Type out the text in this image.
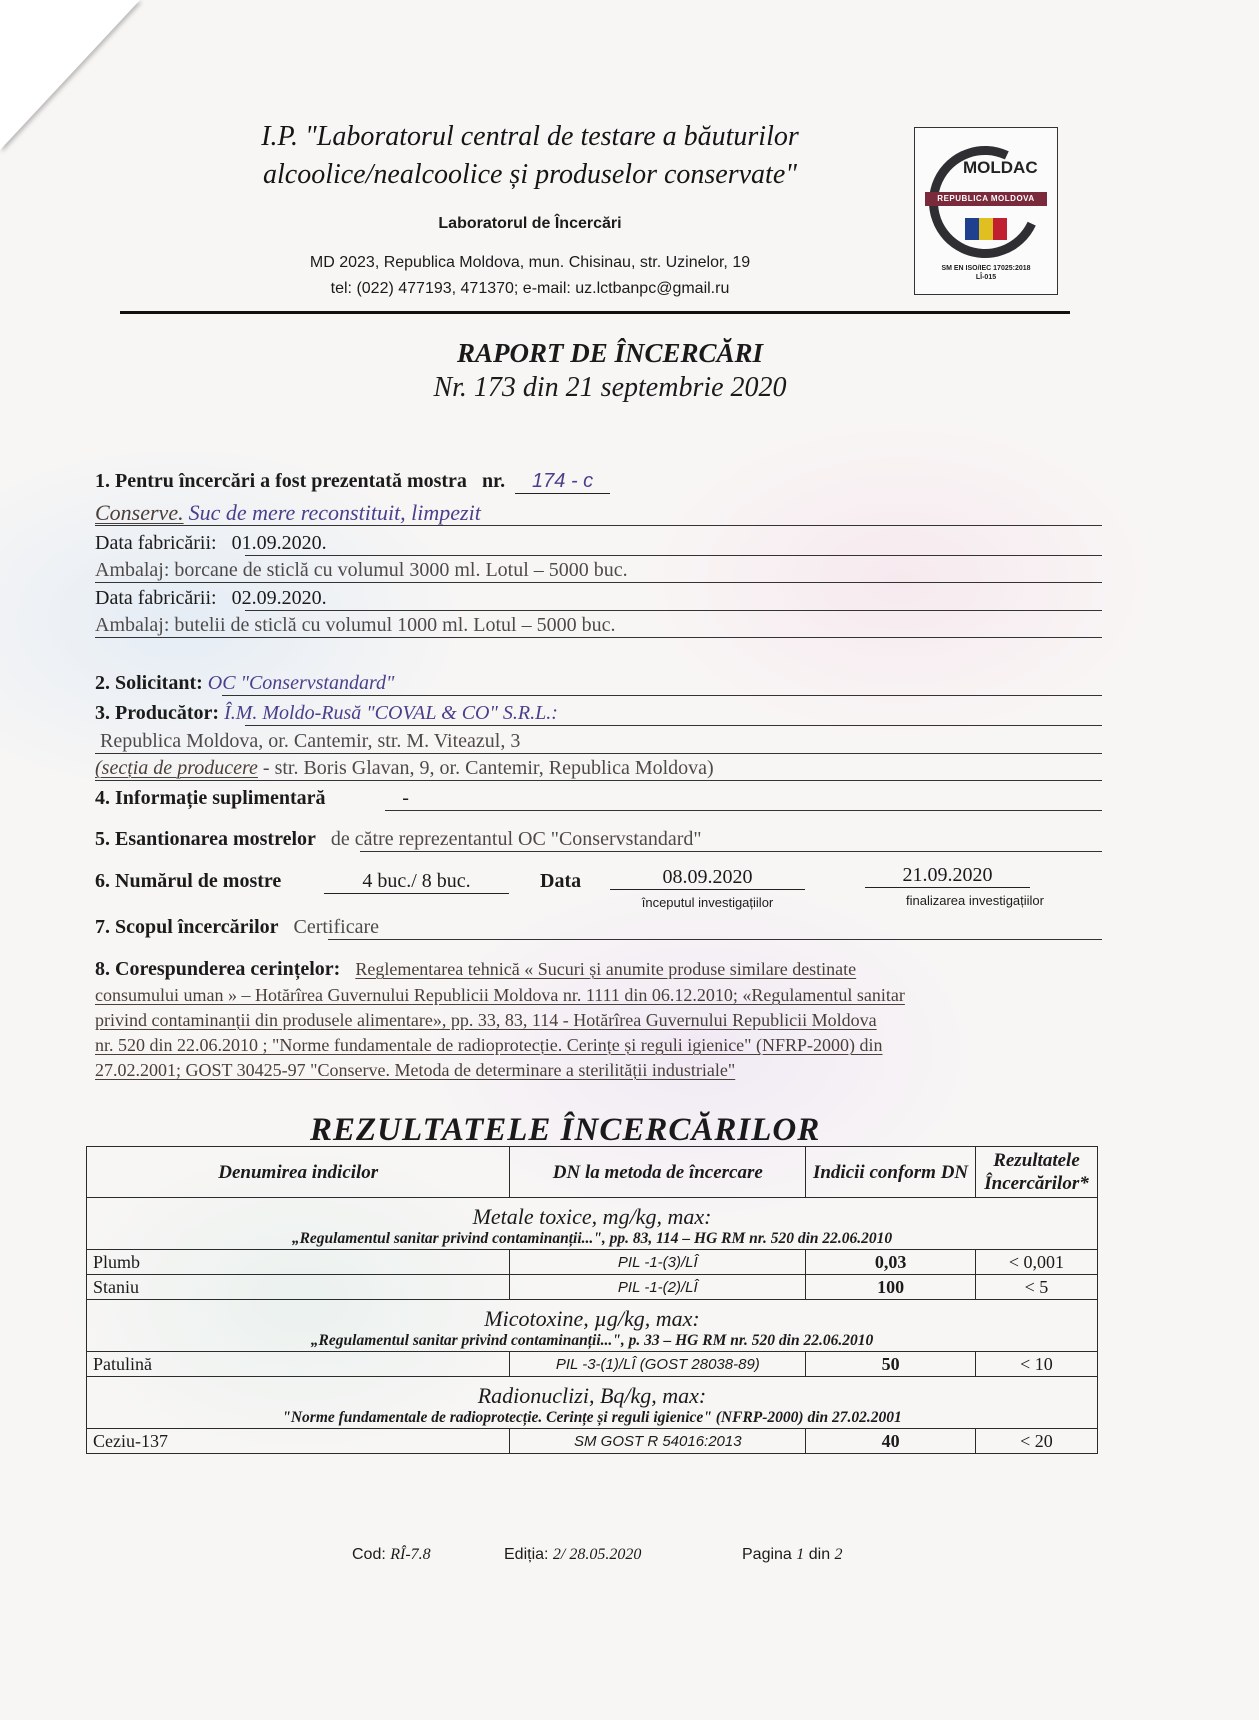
I.P. "Laboratorul central de testare a băuturilor
alcoolice/nealcoolice și produselor conservate"
Laboratorul de Încercări
MD 2023, Republica Moldova, mun. Chisinau, str. Uzinelor, 19
tel: (022) 477193, 471370; e-mail: uz.lctbanpc@gmail.ru
MOLDAC
REPUBLICA MOLDOVA
SM EN ISO/IEC 17025:2018
LÎ-015
RAPORT DE ÎNCERCĂRI
Nr. 173 din 21 septembrie 2020
1. Pentru încercări a fost prezentată mostra nr. 174 - c
Conserve. Suc de mere reconstituit, limpezit
Data fabricării: 01.09.2020.
Ambalaj: borcane de sticlă cu volumul 3000 ml. Lotul – 5000 buc.
Data fabricării: 02.09.2020.
Ambalaj: butelii de sticlă cu volumul 1000 ml. Lotul – 5000 buc.
2. Solicitant: OC "Conservstandard"
3. Producător: Î.M. Moldo-Rusă "COVAL & CO" S.R.L.:
Republica Moldova, or. Cantemir, str. M. Viteazul, 3
(secția de producere - str. Boris Glavan, 9, or. Cantemir, Republica Moldova)
4. Informație suplimentară	-
5. Esantionarea mostrelor de către reprezentantul OC "Conservstandard"
6. Numărul de mostre	4 buc./ 8 buc.	Data	08.09.2020
începutul investigațiilor
21.09.2020
finalizarea investigațiilor
7. Scopul încercărilor Certificare
8. Corespunderea cerințelor: Reglementarea tehnică « Sucuri și anumite produse similare destinate
consumului uman » – Hotărîrea Guvernului Republicii Moldova nr. 1111 din 06.12.2010; «Regulamentul sanitar
privind contaminanții din produsele alimentare», pp. 33, 83, 114 - Hotărîrea Guvernului Republicii Moldova
nr. 520 din 22.06.2010 ; "Norme fundamentale de radioprotecție. Cerințe și reguli igienice" (NFRP-2000) din
27.02.2001; GOST 30425-97 "Conserve. Metoda de determinare a sterilității industriale"
REZULTATELE ÎNCERCĂRILOR
Denumirea indicilor	DN la metoda de încercare	Indicii conform DN	Rezultatele Încercărilor*

Metale toxice, mg/kg, max:
„Regulamentul sanitar privind contaminanții...", pp. 83, 114 – HG RM nr. 520 din 22.06.2010			

Plumb	PIL -1-(3)/LÎ	0,03	< 0,001
Staniu	PIL -1-(2)/LÎ	100	< 5

Micotoxine, µg/kg, max:
„Regulamentul sanitar privind contaminanții...", p. 33 – HG RM nr. 520 din 22.06.2010			

Patulină	PIL -3-(1)/LÎ (GOST 28038-89)	50	< 10

Radionuclizi, Bq/kg, max:
"Norme fundamentale de radioprotecție. Cerințe și reguli igienice" (NFRP-2000) din 27.02.2001			

Ceziu-137	SM GOST R 54016:2013	40	< 20
Cod: RÎ-7.8	Ediția: 2/ 28.05.2020	Pagina 1 din 2
